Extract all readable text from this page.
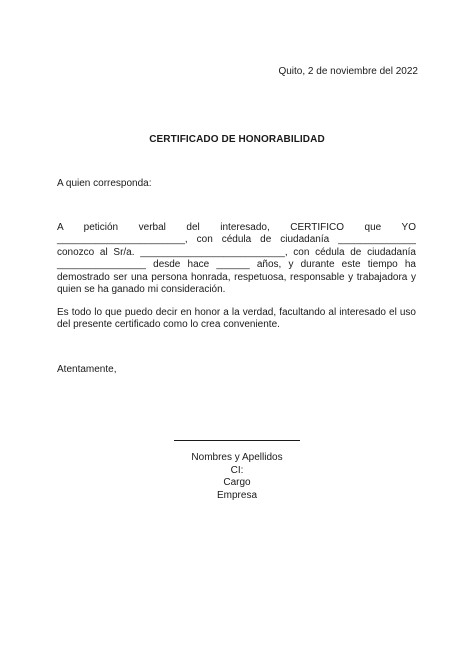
Quito, 2 de noviembre del 2022
CERTIFICADO DE HONORABILIDAD
A quien corresponda:
A petición verbal del interesado, CERTIFICO que YO _______________________, con cédula de ciudadanía ______________ conozco al Sr/a. __________________________, con cédula de ciudadanía ________________ desde hace ______ años, y durante este tiempo ha demostrado ser una persona honrada, respetuosa, responsable y trabajadora y quien se ha ganado mi consideración.
Es todo lo que puedo decir en honor a la verdad, facultando al interesado el uso del presente certificado como lo crea conveniente.
Atentamente,
Nombres y Apellidos
CI:
Cargo
Empresa
